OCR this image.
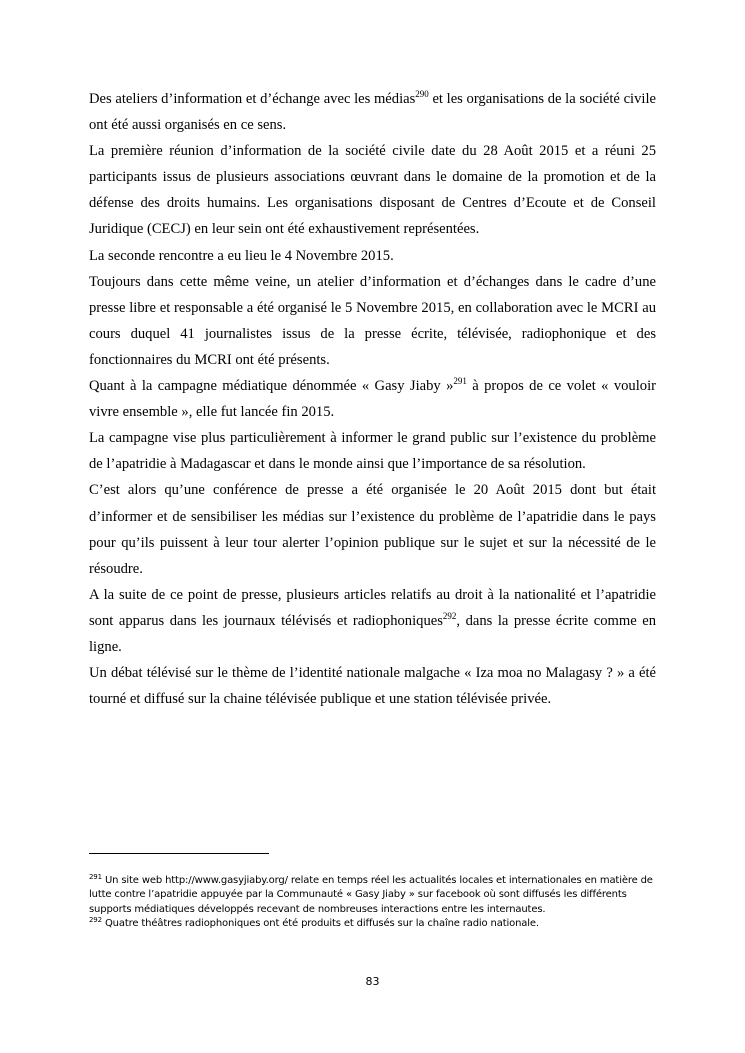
Des ateliers d’information et d’échange avec les médias$^{290}$ et les organisations de la société civile ont été aussi organisés en ce sens.

La première réunion d’information de la société civile date du 28 Août 2015 et a réuni 25 participants issus de plusieurs associations œuvrant dans le domaine de la promotion et de la défense des droits humains. Les organisations disposant de Centres d’Ecoute et de Conseil Juridique (CECJ) en leur sein ont été exhaustivement représentées.

La seconde rencontre a eu lieu le 4 Novembre 2015.

Toujours dans cette même veine, un atelier d’information et d’échanges dans le cadre d’une presse libre et responsable a été organisé le 5 Novembre 2015, en collaboration avec le MCRI au cours duquel 41 journalistes issus de la presse écrite, télévisée, radiophonique et des fonctionnaires du MCRI ont été présents.

Quant à la campagne médiatique dénommée « Gasy Jiaby »$^{291}$ à propos de ce volet « vouloir vivre ensemble », elle fut lancée fin 2015.

La campagne vise plus particulièrement à informer le grand public sur l’existence du problème de l’apatridie à Madagascar et dans le monde ainsi que l’importance de sa résolution.

C’est alors qu’une conférence de presse a été organisée le 20 Août 2015 dont but était d’informer et de sensibiliser les médias sur l’existence du problème de l’apatridie dans le pays pour qu’ils puissent à leur tour alerter l’opinion publique sur le sujet et sur la nécessité de le résoudre.

A la suite de ce point de presse, plusieurs articles relatifs au droit à la nationalité et l’apatridie sont apparus dans les journaux télévisés et radiophoniques$^{292}$, dans la presse écrite comme en ligne.

Un débat télévisé sur le thème de l’identité nationale malgache « Iza moa no Malagasy ? » a été tourné et diffusé sur la chaine télévisée publique et une station télévisée privée.

$^{291}$ Un site web http://www.gasyjiaby.org/ relate en temps réel les actualités locales et internationales en matière de lutte contre l’apatridie appuyée par la Communauté « Gasy Jiaby » sur facebook où sont diffusés les différents supports médiatiques développés recevant de nombreuses interactions entre les internautes.

$^{292}$ Quatre théâtres radiophoniques ont été produits et diffusés sur la chaîne radio nationale.

83
